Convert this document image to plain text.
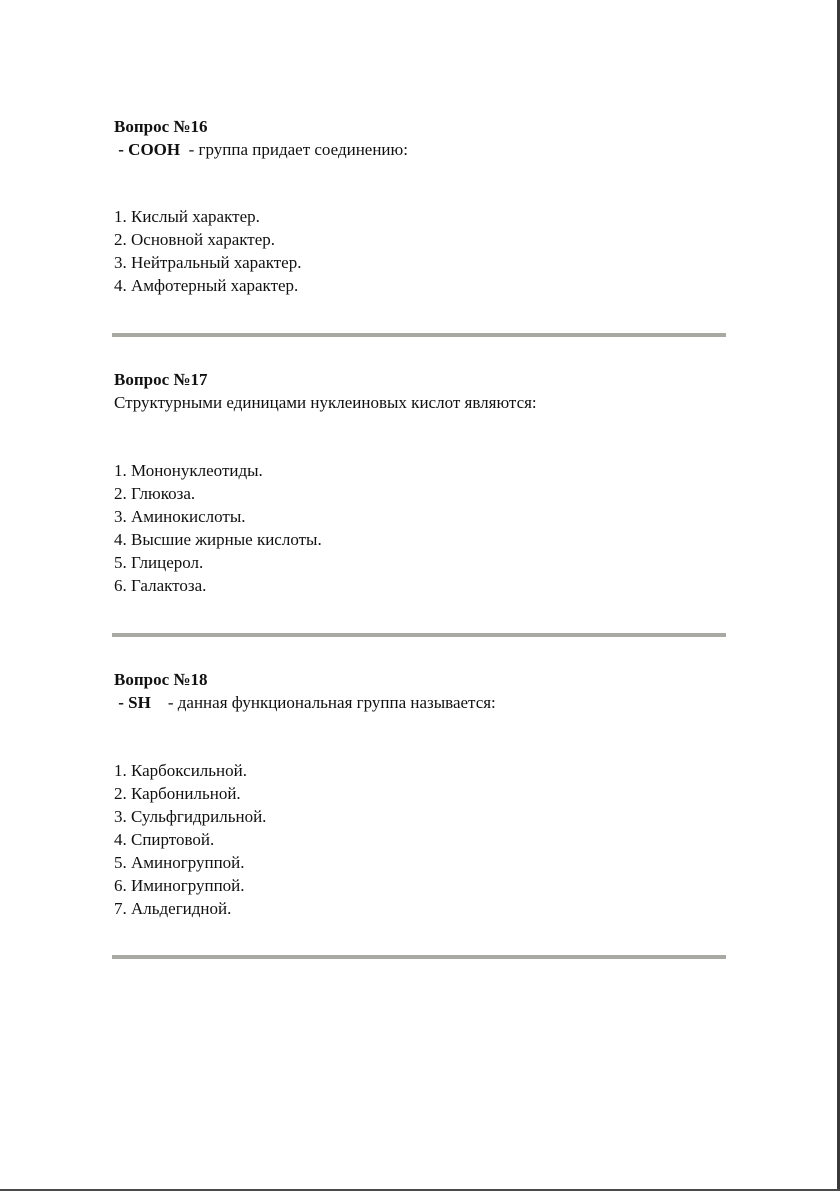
Вопрос №16

- COOH  - группа придает соединению:

1. Кислый характер.
2. Основной характер.
3. Нейтральный характер.
4. Амфотерный характер.

Вопрос №17

Структурными единицами нуклеиновых кислот являются:

1. Мононуклеотиды.
2. Глюкоза.
3. Аминокислоты.
4. Высшие жирные кислоты.
5. Глицерол.
6. Галактоза.

Вопрос №18

- SH    - данная функциональная группа называется:

1. Карбоксильной.
2. Карбонильной.
3. Сульфгидрильной.
4. Спиртовой.
5. Аминогруппой.
6. Иминогруппой.
7. Альдегидной.
